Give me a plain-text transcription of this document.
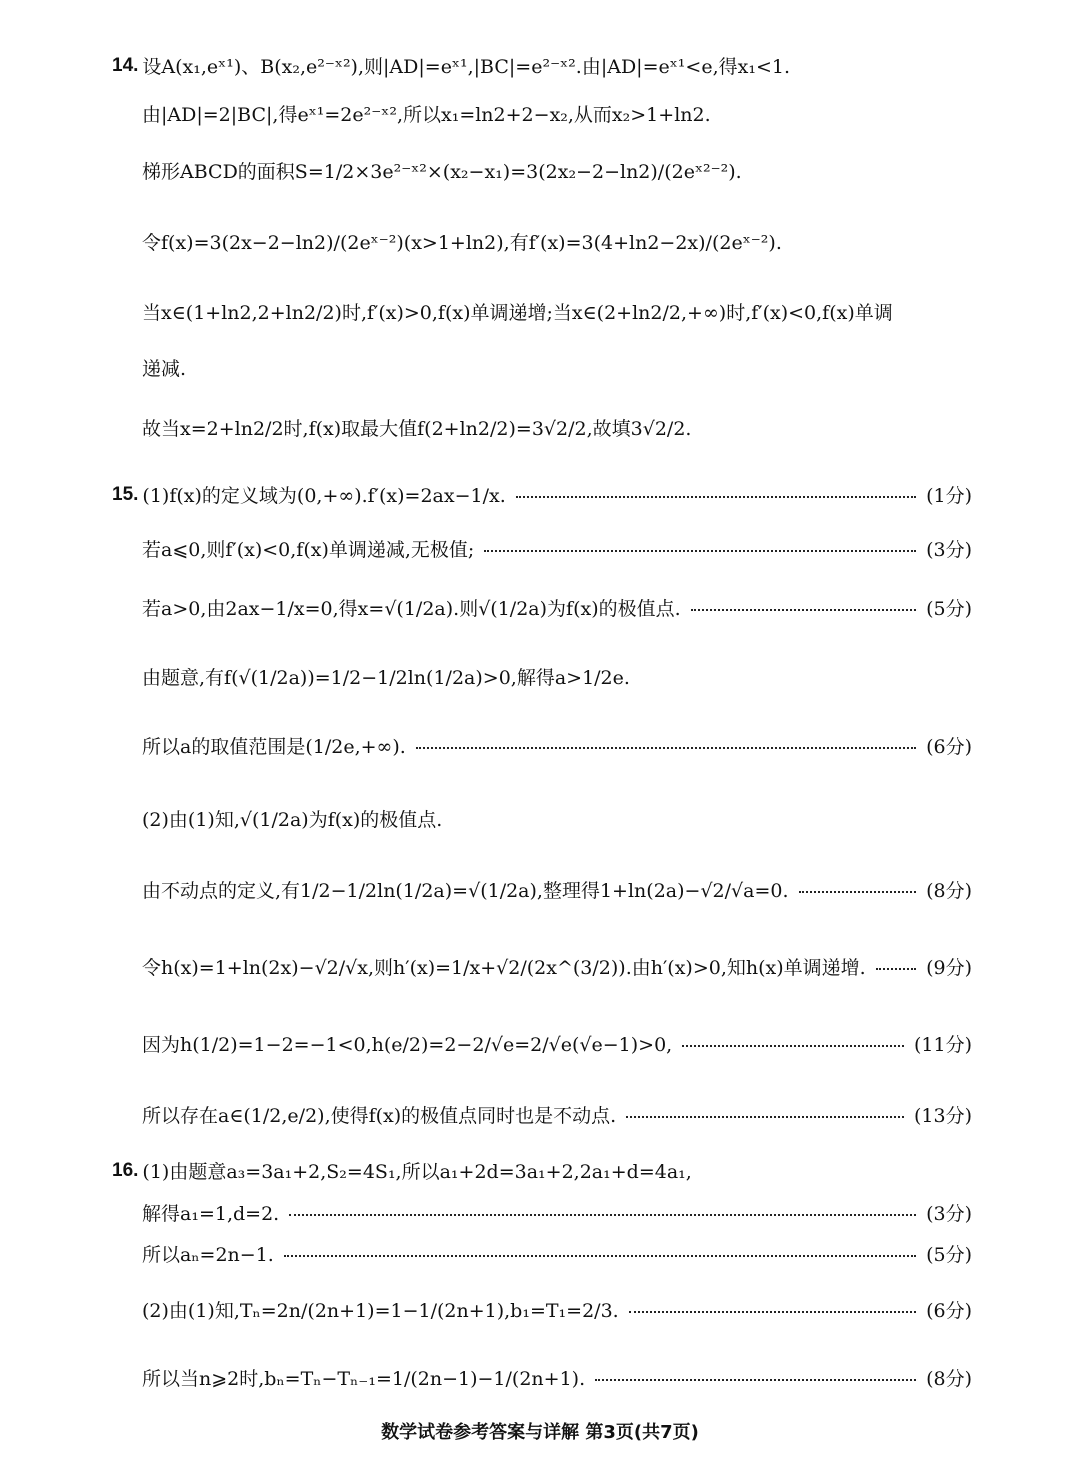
14. 设A(x₁,eˣ¹)、B(x₂,e²⁻ˣ²),则|AD|=eˣ¹,|BC|=e²⁻ˣ².由|AD|=eˣ¹<e,得x₁<1.
由|AD|=2|BC|,得eˣ¹=2e²⁻ˣ²,所以x₁=ln2+2−x₂,从而x₂>1+ln2.
梯形ABCD的面积S=1/2×3e²⁻ˣ²×(x₂−x₁)=3(2x₂−2−ln2)/(2eˣ²⁻²).
令f(x)=3(2x−2−ln2)/(2eˣ⁻²)(x>1+ln2),有f′(x)=3(4+ln2−2x)/(2eˣ⁻²).
当x∈(1+ln2,2+ln2/2)时,f′(x)>0,f(x)单调递增;当x∈(2+ln2/2,+∞)时,f′(x)<0,f(x)单调
递减.
故当x=2+ln2/2时,f(x)取最大值f(2+ln2/2)=3√2/2,故填3√2/2.
15. (1)f(x)的定义域为(0,+∞).f′(x)=2ax−1/x.	(1分)
若a⩽0,则f′(x)<0,f(x)单调递减,无极值;	(3分)
若a>0,由2ax−1/x=0,得x=√(1/2a).则√(1/2a)为f(x)的极值点.	(5分)
由题意,有f(√(1/2a))=1/2−1/2ln(1/2a)>0,解得a>1/2e.
所以a的取值范围是(1/2e,+∞).	(6分)
(2)由(1)知,√(1/2a)为f(x)的极值点.
由不动点的定义,有1/2−1/2ln(1/2a)=√(1/2a),整理得1+ln(2a)−√2/√a=0.	(8分)
令h(x)=1+ln(2x)−√2/√x,则h′(x)=1/x+√2/(2x^(3/2)).由h′(x)>0,知h(x)单调递增.	(9分)
因为h(1/2)=1−2=−1<0,h(e/2)=2−2/√e=2/√e(√e−1)>0,	(11分)
所以存在a∈(1/2,e/2),使得f(x)的极值点同时也是不动点.	(13分)
16. (1)由题意a₃=3a₁+2,S₂=4S₁,所以a₁+2d=3a₁+2,2a₁+d=4a₁,
解得a₁=1,d=2.	(3分)
所以aₙ=2n−1.	(5分)
(2)由(1)知,Tₙ=2n/(2n+1)=1−1/(2n+1),b₁=T₁=2/3.	(6分)
所以当n⩾2时,bₙ=Tₙ−Tₙ₋₁=1/(2n−1)−1/(2n+1).	(8分)
数学试卷参考答案与详解 第3页(共7页)
